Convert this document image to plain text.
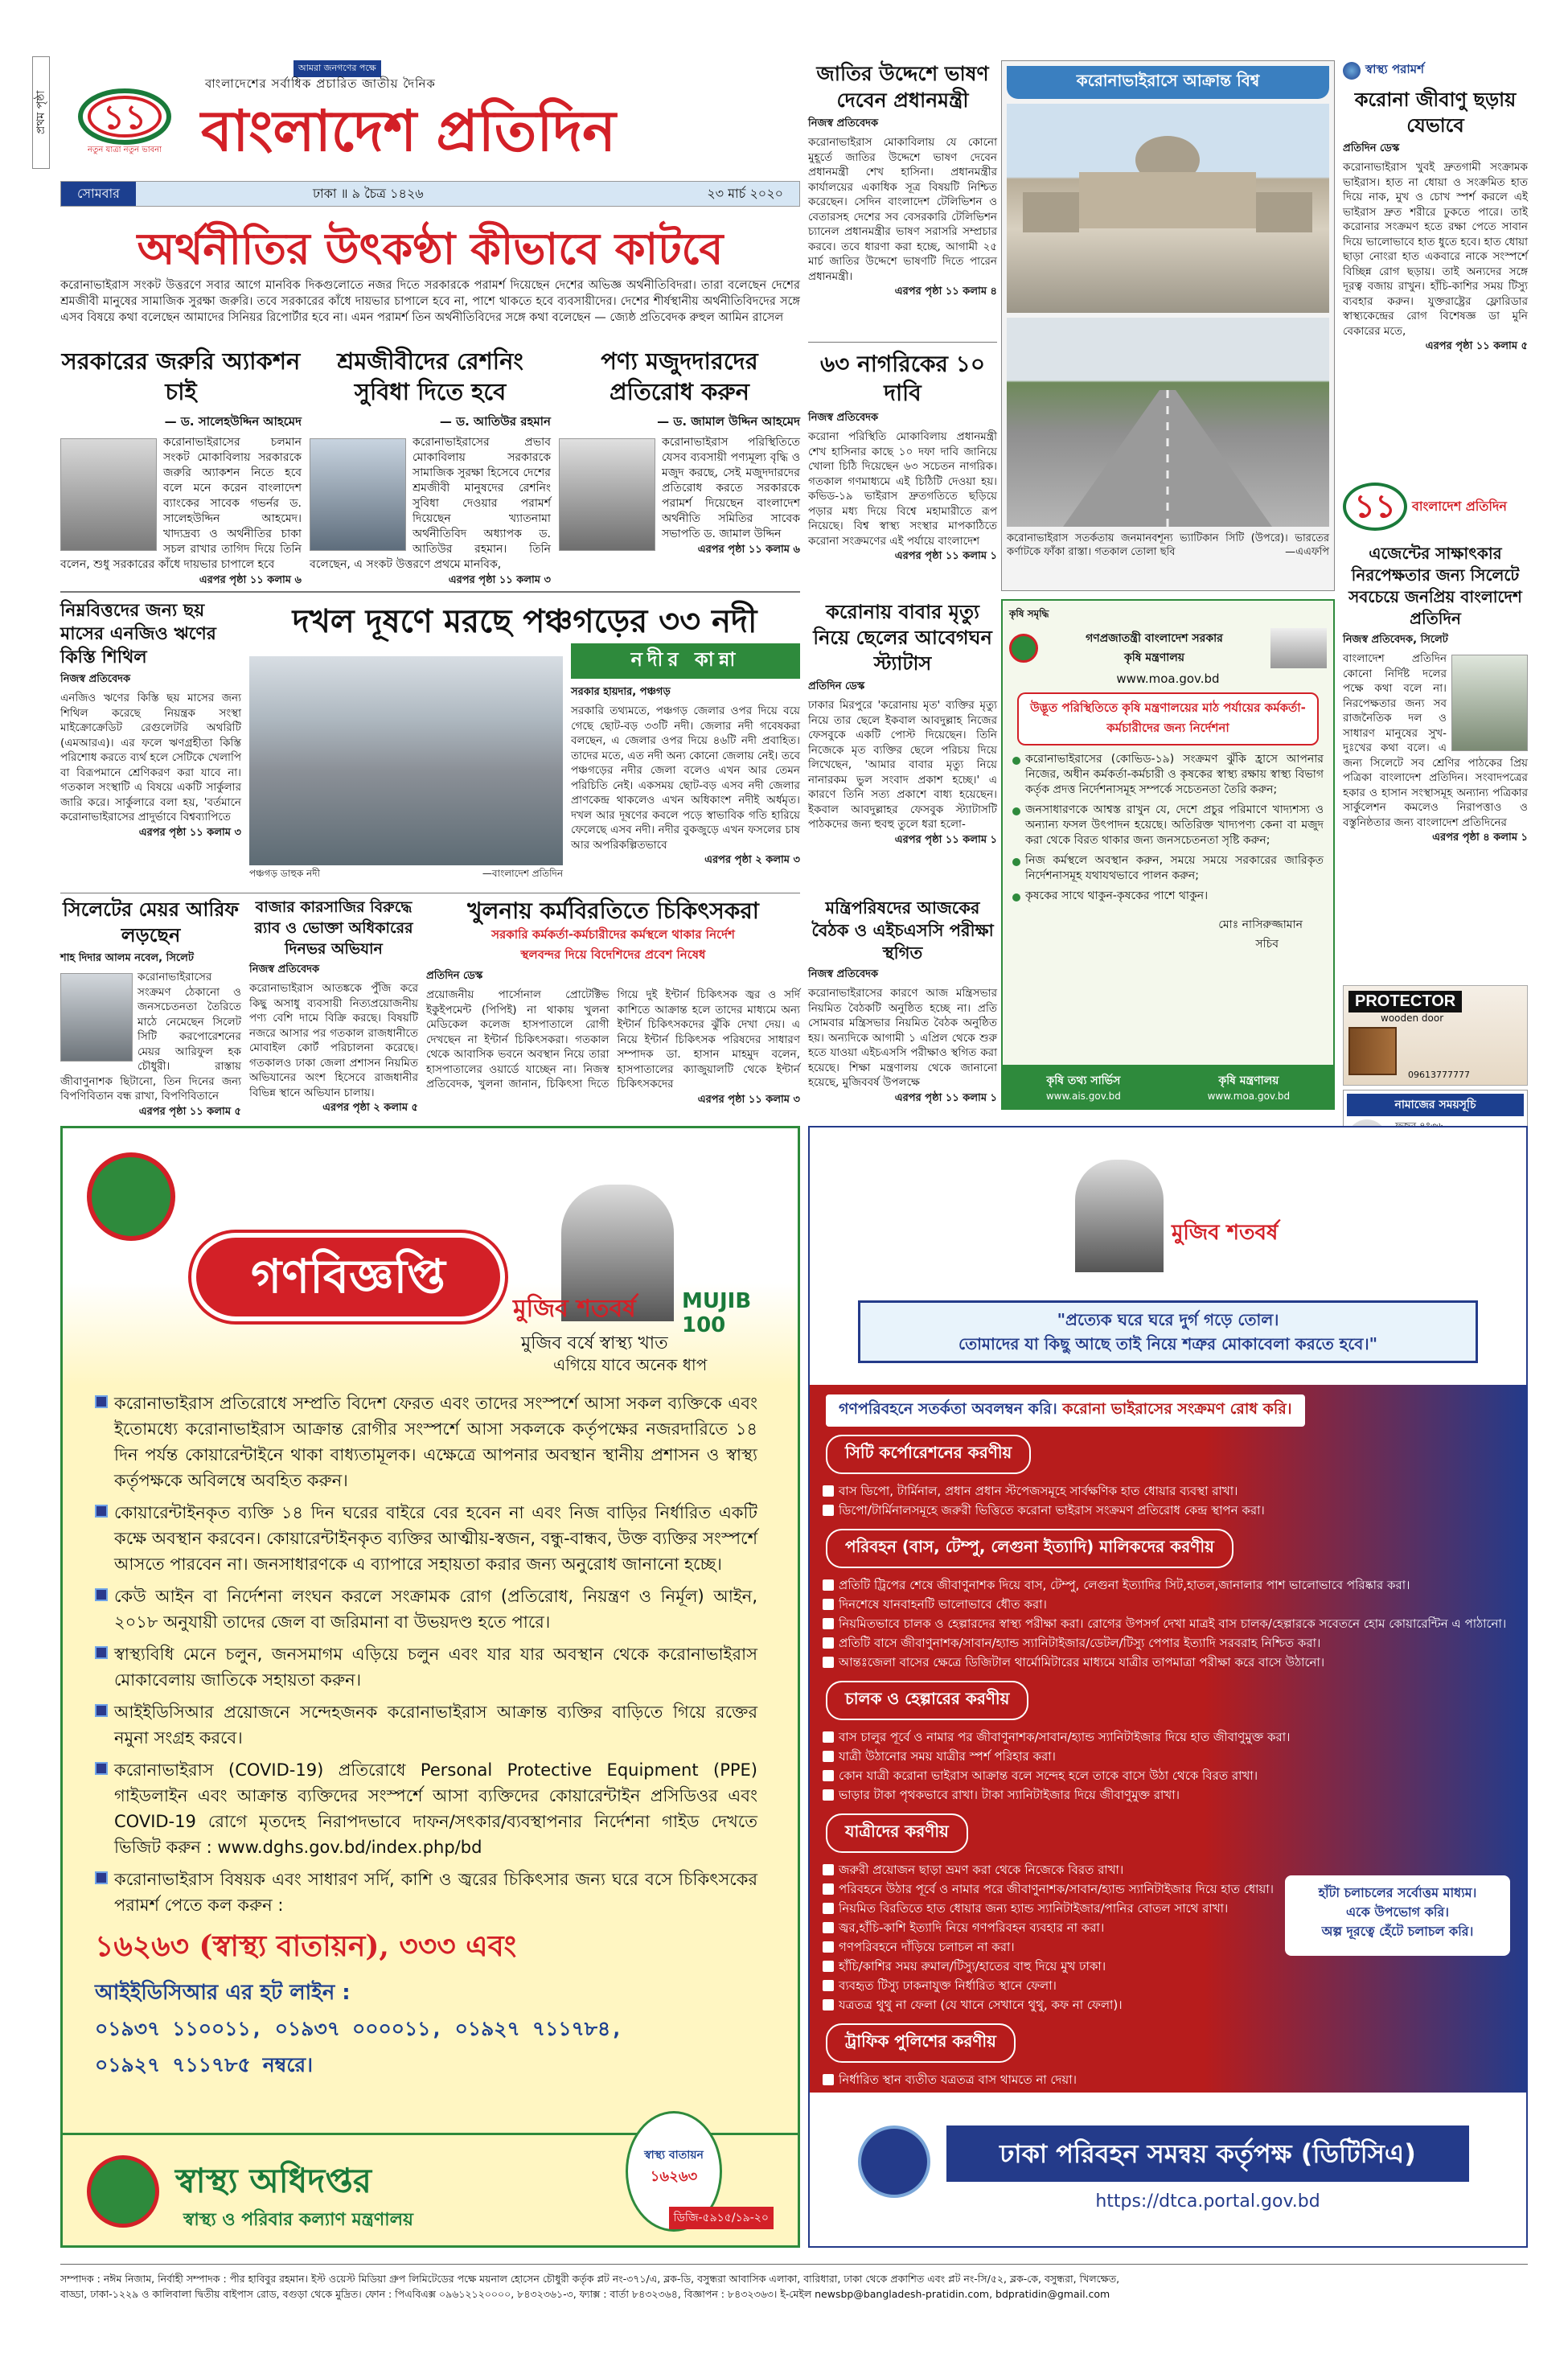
প্রথম পৃষ্ঠা	১১
নতুন যাত্রা নতুন ভাবনা
আমরা জনগণের পক্ষে
বাংলাদেশের সর্বাধিক প্রচারিত জাতীয় দৈনিক
বাংলাদেশ প্রতিদিন
সোমবার	ঢাকা ॥ ৯ চৈত্র ১৪২৬	২৩ মার্চ ২০২০
অর্থনীতির উৎকণ্ঠা কীভাবে কাটবে
করোনাভাইরাস সংকট উত্তরণে সবার আগে মানবিক দিকগুলোতে নজর দিতে সরকারকে পরামর্শ দিয়েছেন দেশের অভিজ্ঞ অর্থনীতিবিদরা। তারা বলেছেন দেশের শ্রমজীবী মানুষের সামাজিক সুরক্ষা জরুরি। তবে সরকারের কাঁধে দায়ভার চাপালে হবে না, পাশে থাকতে হবে ব্যবসায়ীদের। দেশের শীর্ষস্থানীয় অর্থনীতিবিদদের সঙ্গে এসব বিষয়ে কথা বলেছেন আমাদের সিনিয়র রিপোর্টার হবে না। এমন পরামর্শ তিন অর্থনীতিবিদের সঙ্গে কথা বলেছেন — জ্যেষ্ঠ প্রতিবেদক রুহুল আমিন রাসেল
সরকারের জরুরি অ্যাকশন চাই
— ড. সালেহউদ্দিন আহমেদ
করোনাভাইরাসের চলমান সংকট মোকাবিলায় সরকারকে জরুরি অ্যাকশন নিতে হবে বলে মনে করেন বাংলাদেশ ব্যাংকের সাবেক গভর্নর ড. সালেহউদ্দিন আহমেদ। খাদ্যদ্রব্য ও অর্থনীতির চাকা সচল রাখার তাগিদ দিয়ে তিনি বলেন, শুধু সরকারের কাঁধে দায়ভার চাপালে হবে
এরপর পৃষ্ঠা ১১ কলাম ৬
শ্রমজীবীদের রেশনিং সুবিধা দিতে হবে
— ড. আতিউর রহমান
করোনাভাইরাসের প্রভাব মোকাবিলায় সরকারকে সামাজিক সুরক্ষা হিসেবে দেশের শ্রমজীবী মানুষদের রেশনিং সুবিধা দেওয়ার পরামর্শ দিয়েছেন খ্যাতনামা অর্থনীতিবিদ অধ্যাপক ড. আতিউর রহমান। তিনি বলেছেন, এ সংকট উত্তরণে প্রথমে মানবিক,
এরপর পৃষ্ঠা ১১ কলাম ৩
পণ্য মজুদদারদের প্রতিরোধ করুন
— ড. জামাল উদ্দিন আহমেদ
করোনাভাইরাস পরিস্থিতিতে যেসব ব্যবসায়ী পণ্যমূল্য বৃদ্ধি ও মজুদ করছে, সেই মজুদদারদের প্রতিরোধ করতে সরকারকে পরামর্শ দিয়েছেন বাংলাদেশ অর্থনীতি সমিতির সাবেক সভাপতি ড. জামাল উদ্দিন
এরপর পৃষ্ঠা ১১ কলাম ৬
জাতির উদ্দেশে ভাষণ দেবেন প্রধানমন্ত্রী
নিজস্ব প্রতিবেদক
করোনাভাইরাস মোকাবিলায় যে কোনো মুহূর্তে জাতির উদ্দেশে ভাষণ দেবেন প্রধানমন্ত্রী শেখ হাসিনা। প্রধানমন্ত্রীর কার্যালয়ের একাধিক সূত্র বিষয়টি নিশ্চিত করেছেন। সেদিন বাংলাদেশ টেলিভিশন ও বেতারসহ দেশের সব বেসরকারি টেলিভিশন চ্যানেল প্রধানমন্ত্রীর ভাষণ সরাসরি সম্প্রচার করবে। তবে ধারণা করা হচ্ছে, আগামী ২৫ মার্চ জাতির উদ্দেশে ভাষণটি দিতে পারেন প্রধানমন্ত্রী।
এরপর পৃষ্ঠা ১১ কলাম ৪
৬৩ নাগরিকের ১০ দাবি
নিজস্ব প্রতিবেদক
করোনা পরিস্থিতি মোকাবিলায় প্রধানমন্ত্রী শেখ হাসিনার কাছে ১০ দফা দাবি জানিয়ে খোলা চিঠি দিয়েছেন ৬৩ সচেতন নাগরিক। গতকাল গণমাধ্যমে এই চিঠিটি দেওয়া হয়। কভিড-১৯ ভাইরাস দ্রুতগতিতে ছড়িয়ে পড়ার মধ্য দিয়ে বিশ্বে মহামারীতে রূপ নিয়েছে। বিশ্ব স্বাস্থ্য সংস্থার মাপকাঠিতে করোনা সংক্রমণের এই পর্যায়ে বাংলাদেশ
এরপর পৃষ্ঠা ১১ কলাম ১
করোনাভাইরাসে আক্রান্ত বিশ্ব
করোনাভাইরাস সতর্কতায় জনমানবশূন্য ভ্যাটিকান সিটি (উপরে)। ভারতের কর্ণাটকে ফাঁকা রাস্তা। গতকাল তোলা ছবি	—এএফপি
স্বাস্থ্য পরামর্শ
করোনা জীবাণু ছড়ায় যেভাবে
প্রতিদিন ডেস্ক
করোনাভাইরাস খুবই দ্রুতগামী সংক্রামক ভাইরাস। হাত না ধোয়া ও সংক্রমিত হাত দিয়ে নাক, মুখ ও চোখ স্পর্শ করলে এই ভাইরাস দ্রুত শরীরে ঢুকতে পারে। তাই করোনার সংক্রমণ হতে রক্ষা পেতে সাবান দিয়ে ভালোভাবে হাত ধুতে হবে। হাত ধোয়া ছাড়া নোংরা হাত একবারে নাকে সংস্পর্শে বিচ্ছিন্ন রোগ ছড়ায়। তাই অন্যদের সঙ্গে দূরত্ব বজায় রাখুন। হাঁচি-কাশির সময় টিস্যু ব্যবহার করুন। যুক্তরাষ্ট্রের ফ্লোরিডার স্বাস্থ্যকেন্দ্রের রোগ বিশেষজ্ঞ ডা মুনি বেকারের মতে,
এরপর পৃষ্ঠা ১১ কলাম ৫
১১	বাংলাদেশ প্রতিদিন
এজেন্টের সাক্ষাৎকার নিরপেক্ষতার জন্য সিলেটে সবচেয়ে জনপ্রিয় বাংলাদেশ প্রতিদিন
নিজস্ব প্রতিবেদক, সিলেট
বাংলাদেশ প্রতিদিন কোনো নির্দিষ্ট দলের পক্ষে কথা বলে না। নিরপেক্ষতার জন্য সব রাজনৈতিক দল ও সাধারণ মানুষের সুখ-দুঃখের কথা বলে। এ জন্য সিলেটে সব শ্রেণির পাঠকের প্রিয় পত্রিকা বাংলাদেশ প্রতিদিন। সংবাদপত্রের হকার ও হাসান সংস্থাসমূহ অন্যান্য পত্রিকার সার্কুলেশন কমলেও নিরাপত্তাও ও বস্তুনিষ্ঠতার জন্য বাংলাদেশ প্রতিদিনের
এরপর পৃষ্ঠা ৪ কলাম ১
PROTECTOR
wooden door
09613777777
নামাজের সময়সূচি
নিম্নবিত্তদের জন্য ছয় মাসের এনজিও ঋণের কিস্তি শিথিল
নিজস্ব প্রতিবেদক
এনজিও ঋণের কিস্তি ছয় মাসের জন্য শিথিল করেছে নিয়ন্ত্রক সংস্থা মাইক্রোক্রেডিট রেগুলেটরি অথরিটি (এমআরএ)। এর ফলে ঋণগ্রহীতা কিস্তি পরিশোধ করতে ব্যর্থ হলে সেটিকে খেলাপি বা বিরূপমানে শ্রেণিকরণ করা যাবে না। গতকাল সংস্থাটি এ বিষয়ে একটি সার্কুলার জারি করে। সার্কুলারে বলা হয়, 'বর্তমানে করোনাভাইরাসের প্রাদুর্ভাবে বিশ্বব্যাপিতে
এরপর পৃষ্ঠা ১১ কলাম ৩
দখল দূষণে মরছে পঞ্চগড়ের ৩৩ নদী
নদীর কান্না
পঞ্চগড় ডাহুক নদী	—বাংলাদেশ প্রতিদিন
সরকার হায়দার, পঞ্চগড়
সরকারি তথ্যমতে, পঞ্চগড় জেলার ওপর দিয়ে বয়ে গেছে ছোট-বড় ৩৩টি নদী। জেলার নদী গবেষকরা বলছেন, এ জেলার ওপর দিয়ে ৪৬টি নদী প্রবাহিত। তাদের মতে, এত নদী অন্য কোনো জেলায় নেই। তবে পঞ্চগড়ের নদীর জেলা বলেও এখন আর তেমন পরিচিতি নেই। একসময় ছোট-বড় এসব নদী জেলার প্রাণকেন্দ্র থাকলেও এখন অধিকাংশ নদীই অর্ধমৃত। দখল আর দূষণের কবলে পড়ে স্বাভাবিক গতি হারিয়ে ফেলেছে এসব নদী। নদীর বুকজুড়ে এখন ফসলের চাষ আর অপরিকল্পিতভাবে
এরপর পৃষ্ঠা ২ কলাম ৩
করোনায় বাবার মৃত্যু নিয়ে ছেলের আবেগঘন স্ট্যাটাস
প্রতিদিন ডেস্ক
ঢাকার মিরপুরে 'করোনায় মৃত' ব্যক্তির মৃত্যু নিয়ে তার ছেলে ইকবাল আবদুল্লাহ নিজের ফেসবুকে একটি পোস্ট দিয়েছেন। তিনি নিজেকে মৃত ব্যক্তির ছেলে পরিচয় দিয়ে লিখেছেন, 'আমার বাবার মৃত্যু নিয়ে নানারকম ভুল সংবাদ প্রকাশ হচ্ছে।' এ কারণে তিনি সত্য প্রকাশে বাধ্য হয়েছেন। ইকবাল আবদুল্লাহর ফেসবুক স্ট্যাটাসটি পাঠকদের জন্য হুবহু তুলে ধরা হলো-
এরপর পৃষ্ঠা ১১ কলাম ১
কৃষি সমৃদ্ধি
গণপ্রজাতন্ত্রী বাংলাদেশ সরকার
কৃষি মন্ত্রণালয়
www.moa.gov.bd
উদ্ভূত পরিস্থিতিতে কৃষি মন্ত্রণালয়ের মাঠ পর্যায়ের কর্মকর্তা-কর্মচারীদের জন্য নির্দেশনা
করোনাভাইরাসের (কোভিড-১৯) সংক্রমণ ঝুঁকি হ্রাসে আপনার নিজের, অধীন কর্মকর্তা-কর্মচারী ও কৃষকের স্বাস্থ্য রক্ষায় স্বাস্থ্য বিভাগ কর্তৃক প্রদত্ত নির্দেশনাসমূহ সম্পর্কে সচেতনতা তৈরি করুন;
জনসাধারণকে আশ্বস্ত রাখুন যে, দেশে প্রচুর পরিমাণে খাদ্যশস্য ও অন্যান্য ফসল উৎপাদন হয়েছে। অতিরিক্ত খাদ্যপণ্য কেনা বা মজুদ করা থেকে বিরত থাকার জন্য জনসচেতনতা সৃষ্টি করুন;
নিজ কর্মস্থলে অবস্থান করুন, সময়ে সময়ে সরকারের জারিকৃত নির্দেশনাসমূহ যথাযথভাবে পালন করুন;
কৃষকের সাথে থাকুন-কৃষকের পাশে থাকুন।
মোঃ নাসিরুজ্জামান
সচিব
কৃষি তথ্য সার্ভিস
www.ais.gov.bd
কৃষি মন্ত্রণালয়
www.moa.gov.bd
সিলেটের মেয়র আরিফ লড়ছেন
শাহ দিদার আলম নবেল, সিলেট
করোনাভাইরাসের সংক্রমণ ঠেকানো ও জনসচেতনতা তৈরিতে মাঠে নেমেছেন সিলেট সিটি করপোরেশনের মেয়র আরিফুল হক চৌধুরী। রাস্তায় জীবাণুনাশক ছিটানো, তিন দিনের জন্য বিপণিবিতান বন্ধ রাখা, বিপণিবিতানে
এরপর পৃষ্ঠা ১১ কলাম ৫
বাজার কারসাজির বিরুদ্ধে র‍্যাব ও ভোক্তা অধিকারের দিনভর অভিযান
নিজস্ব প্রতিবেদক
করোনাভাইরাস আতঙ্ককে পুঁজি করে কিছু অসাধু ব্যবসায়ী নিত্যপ্রয়োজনীয় পণ্য বেশি দামে বিক্রি করছে। বিষয়টি নজরে আসার পর গতকাল রাজধানীতে মোবাইল কোর্ট পরিচালনা করেছে। গতকালও ঢাকা জেলা প্রশাসন নিয়মিত অভিযানের অংশ হিসেবে রাজধানীর বিভিন্ন স্থানে অভিযান চালায়।
এরপর পৃষ্ঠা ২ কলাম ৫
খুলনায় কর্মবিরতিতে চিকিৎসকরা
সরকারি কর্মকর্তা-কর্মচারীদের কর্মস্থলে থাকার নির্দেশ
স্থলবন্দর দিয়ে বিদেশিদের প্রবেশ নিষেধ
প্রতিদিন ডেস্ক
প্রয়োজনীয় পার্সোনাল প্রোটেক্টিভ ইকুইপমেন্ট (পিপিই) না থাকায় খুলনা মেডিকেল কলেজ হাসপাতালে রোগী দেখছেন না ইন্টার্ন চিকিৎসকরা। গতকাল থেকে আবাসিক ভবনে অবস্থান নিয়ে তারা হাসপাতালের ওয়ার্ডে যাচ্ছেন না। নিজস্ব প্রতিবেদক, খুলনা জানান, চিকিৎসা দিতে গিয়ে দুই ইন্টার্ন চিকিৎসক জ্বর ও সর্দি কাশিতে আক্রান্ত হলে তাদের মাধ্যমে অন্য ইন্টার্ন চিকিৎসকদের ঝুঁকি দেখা দেয়। এ নিয়ে ইন্টার্ন চিকিৎসক পরিষদের সাধারণ সম্পাদক ডা. হাসান মাহমুদ বলেন, হাসপাতালের ক্যাজুয়ালটি থেকে ইন্টার্ন চিকিৎসকদের
এরপর পৃষ্ঠা ১১ কলাম ৩
মন্ত্রিপরিষদের আজকের বৈঠক ও এইচএসসি পরীক্ষা স্থগিত
নিজস্ব প্রতিবেদক
করোনাভাইরাসের কারণে আজ মন্ত্রিসভার নিয়মিত বৈঠকটি অনুষ্ঠিত হচ্ছে না। প্রতি সোমবার মন্ত্রিসভার নিয়মিত বৈঠক অনুষ্ঠিত হয়। অন্যদিকে আগামী ১ এপ্রিল থেকে শুরু হতে যাওয়া এইচএসসি পরীক্ষাও স্থগিত করা হয়েছে। শিক্ষা মন্ত্রণালয় থেকে জানানো হয়েছে, মুজিববর্ষ উপলক্ষে
এরপর পৃষ্ঠা ১১ কলাম ১
গণবিজ্ঞপ্তি
মুজিব শতবর্ষ MUJIB 100
মুজিব বর্ষে স্বাস্থ্য খাত
এগিয়ে যাবে অনেক ধাপ
করোনাভাইরাস প্রতিরোধে সম্প্রতি বিদেশ ফেরত এবং তাদের সংস্পর্শে আসা সকল ব্যক্তিকে এবং ইতোমধ্যে করোনাভাইরাস আক্রান্ত রোগীর সংস্পর্শে আসা সকলকে কর্তৃপক্ষের নজরদারিতে ১৪ দিন পর্যন্ত কোয়ারেন্টাইনে থাকা বাধ্যতামূলক। এক্ষেত্রে আপনার অবস্থান স্থানীয় প্রশাসন ও স্বাস্থ্য কর্তৃপক্ষকে অবিলম্বে অবহিত করুন।
কোয়ারেন্টাইনকৃত ব্যক্তি ১৪ দিন ঘরের বাইরে বের হবেন না এবং নিজ বাড়ির নির্ধারিত একটি কক্ষে অবস্থান করবেন। কোয়ারেন্টাইনকৃত ব্যক্তির আত্মীয়-স্বজন, বন্ধু-বান্ধব, উক্ত ব্যক্তির সংস্পর্শে আসতে পারবেন না। জনসাধারণকে এ ব্যাপারে সহায়তা করার জন্য অনুরোধ জানানো হচ্ছে।
কেউ আইন বা নির্দেশনা লংঘন করলে সংক্রামক রোগ (প্রতিরোধ, নিয়ন্ত্রণ ও নির্মূল) আইন, ২০১৮ অনুযায়ী তাদের জেল বা জরিমানা বা উভয়দণ্ড হতে পারে।
স্বাস্থ্যবিধি মেনে চলুন, জনসমাগম এড়িয়ে চলুন এবং যার যার অবস্থান থেকে করোনাভাইরাস মোকাবেলায় জাতিকে সহায়তা করুন।
আইইডিসিআর প্রয়োজনে সন্দেহজনক করোনাভাইরাস আক্রান্ত ব্যক্তির বাড়িতে গিয়ে রক্তের নমুনা সংগ্রহ করবে।
করোনাভাইরাস (COVID-19) প্রতিরোধে Personal Protective Equipment (PPE) গাইডলাইন এবং আক্রান্ত ব্যক্তিদের সংস্পর্শে আসা ব্যক্তিদের কোয়ারেন্টাইন প্রসিডিওর এবং COVID-19 রোগে মৃতদেহ নিরাপদভাবে দাফন/সৎকার/ব্যবস্থাপনার নির্দেশনা গাইড দেখতে ভিজিট করুন : www.dghs.gov.bd/index.php/bd
করোনাভাইরাস বিষয়ক এবং সাধারণ সর্দি, কাশি ও জ্বরের চিকিৎসার জন্য ঘরে বসে চিকিৎসকের পরামর্শ পেতে কল করুন :
১৬২৬৩ (স্বাস্থ্য বাতায়ন), ৩৩৩ এবং
আইইডিসিআর এর হট লাইন :
০১৯৩৭ ১১০০১১, ০১৯৩৭ ০০০০১১, ০১৯২৭ ৭১১৭৮৪,
০১৯২৭ ৭১১৭৮৫ নম্বরে।
স্বাস্থ্য অধিদপ্তর
স্বাস্থ্য ও পরিবার কল্যাণ মন্ত্রণালয়
স্বাস্থ্য বাতায়ন
১৬২৬৩
ডিজি-৫৯১৫/১৯-২০
মুজিব শতবর্ষ
"প্রত্যেক ঘরে ঘরে দুর্গ গড়ে তোল।
তোমাদের যা কিছু আছে তাই নিয়ে শত্রুর মোকাবেলা করতে হবে।"
গণপরিবহনে সতর্কতা অবলম্বন করি। করোনা ভাইরাসের সংক্রমণ রোধ করি।
সিটি কর্পোরেশনের করণীয়
বাস ডিপো, টার্মিনাল, প্রধান প্রধান স্টপেজসমূহে সার্বক্ষণিক হাত ধোয়ার ব্যবস্থা রাখা।
ডিপো/টার্মিনালসমূহে জরুরী ভিত্তিতে করোনা ভাইরাস সংক্রমণ প্রতিরোধ কেন্দ্র স্থাপন করা।
পরিবহন (বাস, টেম্পু, লেগুনা ইত্যাদি) মালিকদের করণীয়
প্রতিটি ট্রিপের শেষে জীবাণুনাশক দিয়ে বাস, টেম্পু, লেগুনা ইত্যাদির সিট,হাতল,জানালার পাশ ভালোভাবে পরিষ্কার করা।
দিনশেষে যানবাহনটি ভালোভাবে ধৌত করা।
নিয়মিতভাবে চালক ও হেল্পারদের স্বাস্থ্য পরীক্ষা করা। রোগের উপসর্গ দেখা মাত্রই বাস চালক/হেল্পারকে সবেতনে হোম কোয়ারেন্টিন এ পাঠানো।
প্রতিটি বাসে জীবাণুনাশক/সাবান/হ্যান্ড স্যানিটাইজার/ডেটল/টিস্যু পেপার ইত্যাদি সরবরাহ নিশ্চিত করা।
আন্তঃজেলা বাসের ক্ষেত্রে ডিজিটাল থার্মোমিটারের মাধ্যমে যাত্রীর তাপমাত্রা পরীক্ষা করে বাসে উঠানো।
চালক ও হেল্পারের করণীয়
বাস চালুর পূর্বে ও নামার পর জীবাণুনাশক/সাবান/হ্যান্ড স্যানিটাইজার দিয়ে হাত জীবাণুমুক্ত করা।
যাত্রী উঠানোর সময় যাত্রীর স্পর্শ পরিহার করা।
কোন যাত্রী করোনা ভাইরাস আক্রান্ত বলে সন্দেহ হলে তাকে বাসে উঠা থেকে বিরত রাখা।
ভাড়ার টাকা পৃথকভাবে রাখা। টাকা স্যানিটাইজার দিয়ে জীবাণুমুক্ত রাখা।
যাত্রীদের করণীয়
জরুরী প্রয়োজন ছাড়া ভ্রমণ করা থেকে নিজেকে বিরত রাখা।
পরিবহনে উঠার পূর্বে ও নামার পরে জীবাণুনাশক/সাবান/হ্যান্ড স্যানিটাইজার দিয়ে হাত ধোয়া।
নিয়মিত বিরতিতে হাত ধোয়ার জন্য হ্যান্ড স্যানিটাইজার/পানির বোতল সাথে রাখা।
জ্বর,হাঁচি-কাশি ইত্যাদি নিয়ে গণপরিবহন ব্যবহার না করা।
গণপরিবহনে দাঁড়িয়ে চলাচল না করা।
হাঁচি/কাশির সময় রুমাল/টিস্যু/হাতের বাহু দিয়ে মুখ ঢাকা।
ব্যবহৃত টিস্যু ঢাকনাযুক্ত নির্ধারিত স্থানে ফেলা।
যত্রতত্র থুথু না ফেলা (যে খানে সেখানে থুথু, কফ না ফেলা)।
হাঁটা চলাচলের সর্বোত্তম মাধ্যম।
একে উপভোগ করি।
অল্প দূরত্বে হেঁটে চলাচল করি।
ট্রাফিক পুলিশের করণীয়
নির্ধারিত স্থান ব্যতীত যত্রতত্র বাস থামতে না দেয়া।
ঢাকা পরিবহন সমন্বয় কর্তৃপক্ষ (ডিটিসিএ)
https://dtca.portal.gov.bd
সম্পাদক : নঈম নিজাম, নির্বাহী সম্পাদক : পীর হাবিবুর রহমান। ইস্ট ওয়েস্ট মিডিয়া গ্রুপ লিমিটেডের পক্ষে ময়নাল হোসেন চৌধুরী কর্তৃক প্লট নং-৩৭১/এ, ব্লক-ডি, বসুন্ধরা আবাসিক এলাকা, বারিধারা, ঢাকা থেকে প্রকাশিত এবং প্লট নং-সি/৫২, ব্লক-কে, বসুন্ধরা, খিলক্ষেত,
বাড্ডা, ঢাকা-১২২৯ ও কালিবালা দ্বিতীয় বাইপাস রোড, বগুড়া থেকে মুদ্রিত। ফোন : পিএবিএক্স ০৯৬১২১২০০০০, ৮৪৩২৩৬১-৩, ফ্যাক্স : বার্তা ৮৪৩২৩৬৪, বিজ্ঞাপন : ৮৪৩২৩৬৩। ই-মেইল newsbp@bangladesh-pratidin.com, bdpratidin@gmail.com
